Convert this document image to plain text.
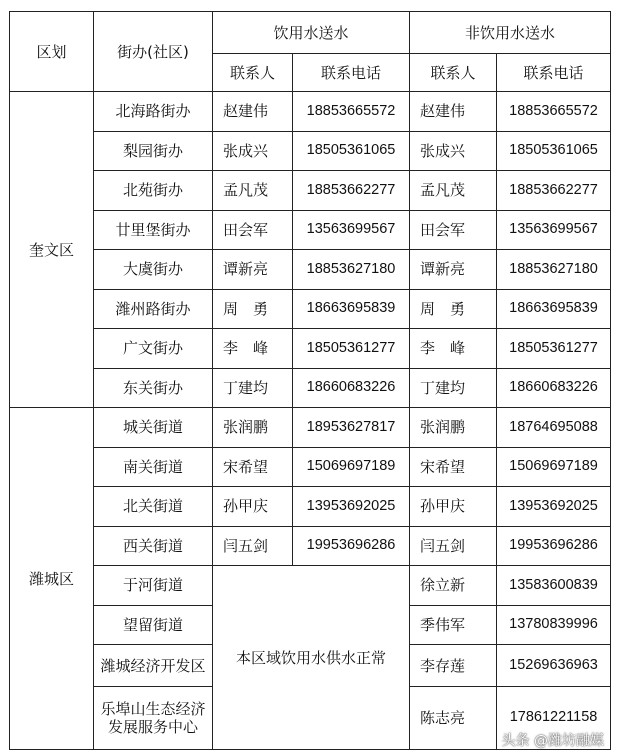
区划	街办(社区)	饮用水送水		非饮用水送水	
		联系人	联系电话	联系人	联系电话
奎文区	北海路街办	赵建伟	18853665572	赵建伟	18853665572
	梨园街办	张成兴	18505361065	张成兴	18505361065
	北苑街办	孟凡茂	18853662277	孟凡茂	18853662277
	廿里堡街办	田会军	13563699567	田会军	13563699567
	大虞街办	谭新亮	18853627180	谭新亮	18853627180
	潍州路街办	周　勇	18663695839	周　勇	18663695839
	广文街办	李　峰	18505361277	李　峰	18505361277
	东关街办	丁建均	18660683226	丁建均	18660683226
潍城区	城关街道	张润鹏	18953627817	张润鹏	18764695088
	南关街道	宋希望	15069697189	宋希望	15069697189
	北关街道	孙甲庆	13953692025	孙甲庆	13953692025
	西关街道	闫五剑	19953696286	闫五剑	19953696286
	于河街道	本区域饮用水供水正常		徐立新	13583600839
	望留街道			季伟军	13780839996

	潍城经济开发区			李存莲	15269636963

	乐埠山生态经济发展服务中心			陈志亮	17861221158
头条 @潍坊融媒
